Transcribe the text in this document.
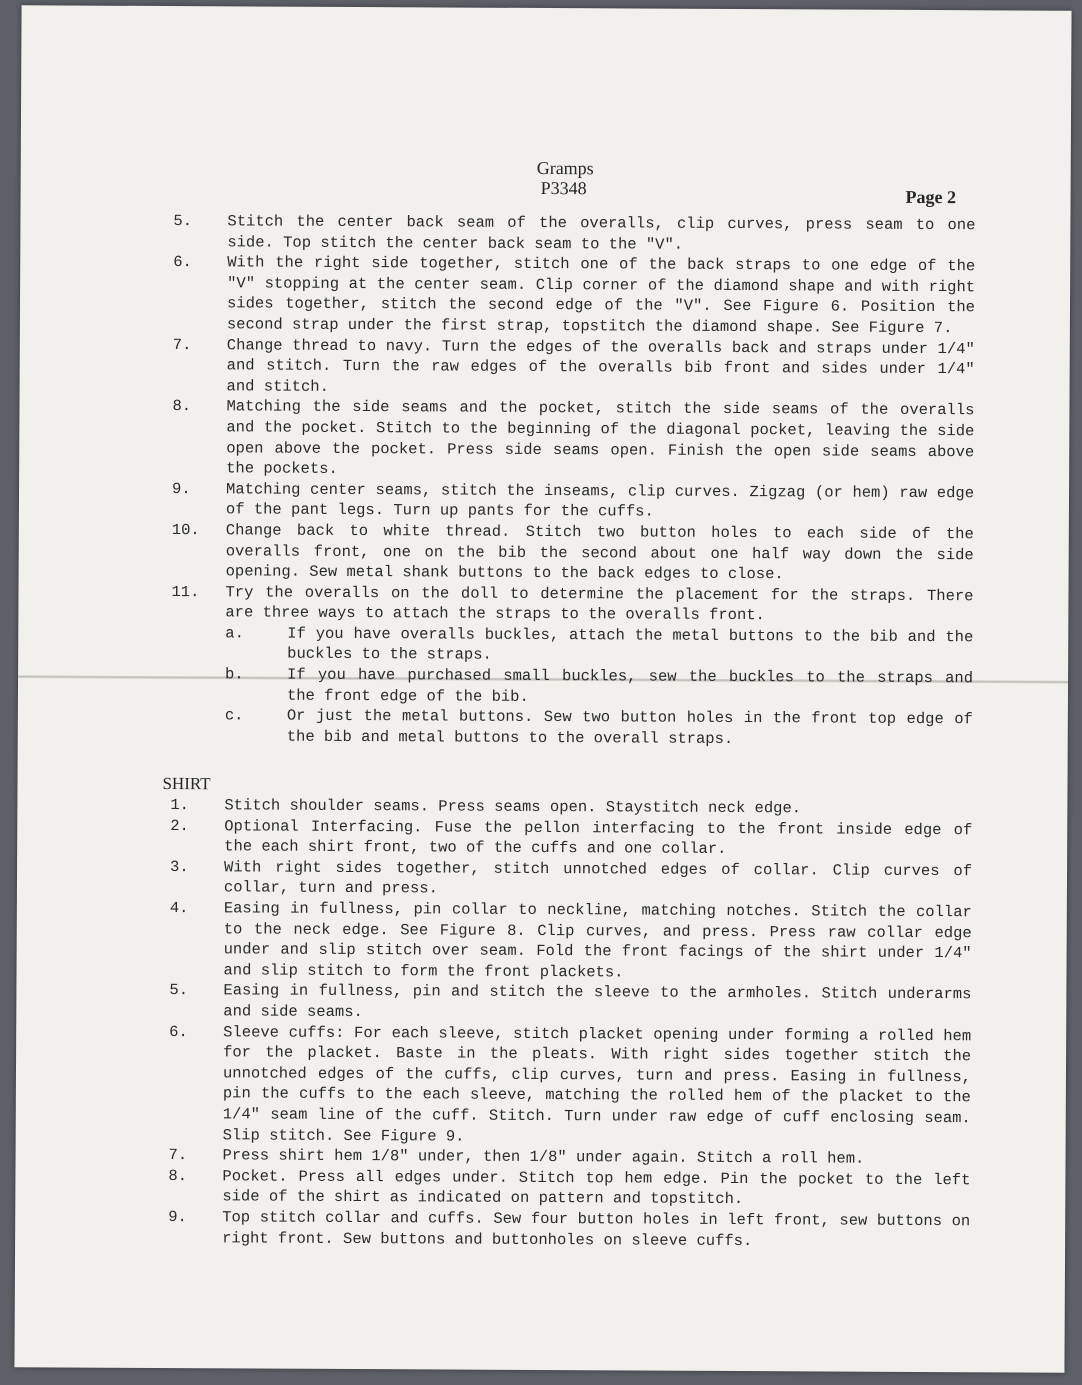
Gramps
P3348	Page 2
5.	Stitch the center back seam of the overalls, clip curves, press seam to one side. Top stitch the center back seam to the "V".
6.	With the right side together, stitch one of the back straps to one edge of the "V" stopping at the center seam. Clip corner of the diamond shape and with right sides together, stitch the second edge of the "V". See Figure 6. Position the second strap under the first strap, topstitch the diamond shape. See Figure 7.
7.	Change thread to navy. Turn the edges of the overalls back and straps under 1/4" and stitch. Turn the raw edges of the overalls bib front and sides under 1/4" and stitch.
8.	Matching the side seams and the pocket, stitch the side seams of the overalls and the pocket. Stitch to the beginning of the diagonal pocket, leaving the side open above the pocket. Press side seams open. Finish the open side seams above the pockets.
9.	Matching center seams, stitch the inseams, clip curves. Zigzag (or hem) raw edge of the pant legs. Turn up pants for the cuffs.
10.	Change back to white thread. Stitch two button holes to each side of the overalls front, one on the bib the second about one half way down the side opening. Sew metal shank buttons to the back edges to close.
11.	Try the overalls on the doll to determine the placement for the straps. There are three ways to attach the straps to the overalls front.
a.	If you have overalls buckles, attach the metal buttons to the bib and the buckles to the straps.
b.	If you have purchased small buckles, sew the buckles to the straps and the front edge of the bib.
c.	Or just the metal buttons. Sew two button holes in the front top edge of the bib and metal buttons to the overall straps.
SHIRT
1.	Stitch shoulder seams. Press seams open. Staystitch neck edge.
2.	Optional Interfacing. Fuse the pellon interfacing to the front inside edge of the each shirt front, two of the cuffs and one collar.
3.	With right sides together, stitch unnotched edges of collar. Clip curves of collar, turn and press.
4.	Easing in fullness, pin collar to neckline, matching notches. Stitch the collar to the neck edge. See Figure 8. Clip curves, and press. Press raw collar edge under and slip stitch over seam. Fold the front facings of the shirt under 1/4" and slip stitch to form the front plackets.
5.	Easing in fullness, pin and stitch the sleeve to the armholes. Stitch underarms and side seams.
6.	Sleeve cuffs: For each sleeve, stitch placket opening under forming a rolled hem for the placket. Baste in the pleats. With right sides together stitch the unnotched edges of the cuffs, clip curves, turn and press. Easing in fullness, pin the cuffs to the each sleeve, matching the rolled hem of the placket to the 1/4" seam line of the cuff. Stitch. Turn under raw edge of cuff enclosing seam. Slip stitch. See Figure 9.
7.	Press shirt hem 1/8" under, then 1/8" under again. Stitch a roll hem.
8.	Pocket. Press all edges under. Stitch top hem edge. Pin the pocket to the left side of the shirt as indicated on pattern and topstitch.
9.	Top stitch collar and cuffs. Sew four button holes in left front, sew buttons on right front. Sew buttons and buttonholes on sleeve cuffs.
